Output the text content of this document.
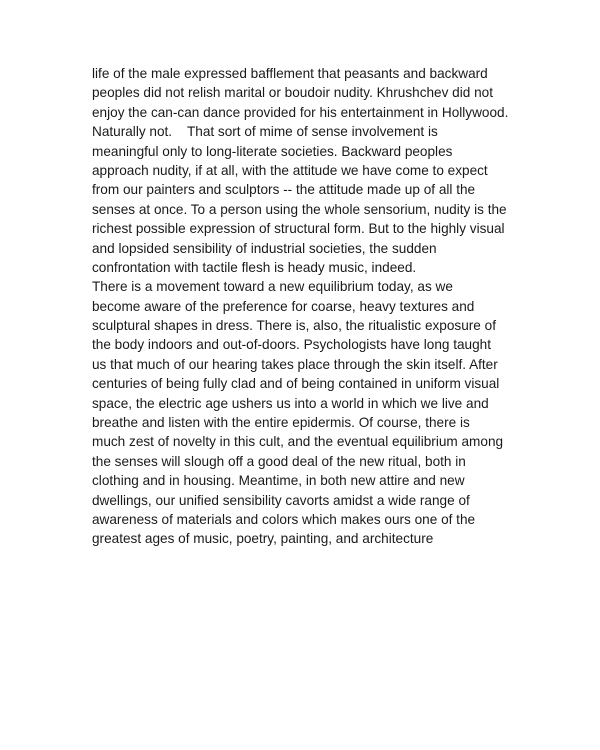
life of the male expressed bafflement that peasants and backward
peoples did not relish marital or boudoir nudity. Khrushchev did not
enjoy the can-can dance provided for his entertainment in Hollywood.
Naturally not.    That sort of mime of sense involvement is
meaningful only to long-literate societies. Backward peoples
approach nudity, if at all, with the attitude we have come to expect
from our painters and sculptors -- the attitude made up of all the
senses at once. To a person using the whole sensorium, nudity is the
richest possible expression of structural form. But to the highly visual
and lopsided sensibility of industrial societies, the sudden
confrontation with tactile flesh is heady music, indeed.
There is a movement toward a new equilibrium today, as we
become aware of the preference for coarse, heavy textures and
sculptural shapes in dress. There is, also, the ritualistic exposure of
the body indoors and out-of-doors. Psychologists have long taught
us that much of our hearing takes place through the skin itself. After
centuries of being fully clad and of being contained in uniform visual
space, the electric age ushers us into a world in which we live and
breathe and listen with the entire epidermis. Of course, there is
much zest of novelty in this cult, and the eventual equilibrium among
the senses will slough off a good deal of the new ritual, both in
clothing and in housing. Meantime, in both new attire and new
dwellings, our unified sensibility cavorts amidst a wide range of
awareness of materials and colors which makes ours one of the
greatest ages of music, poetry, painting, and architecture
